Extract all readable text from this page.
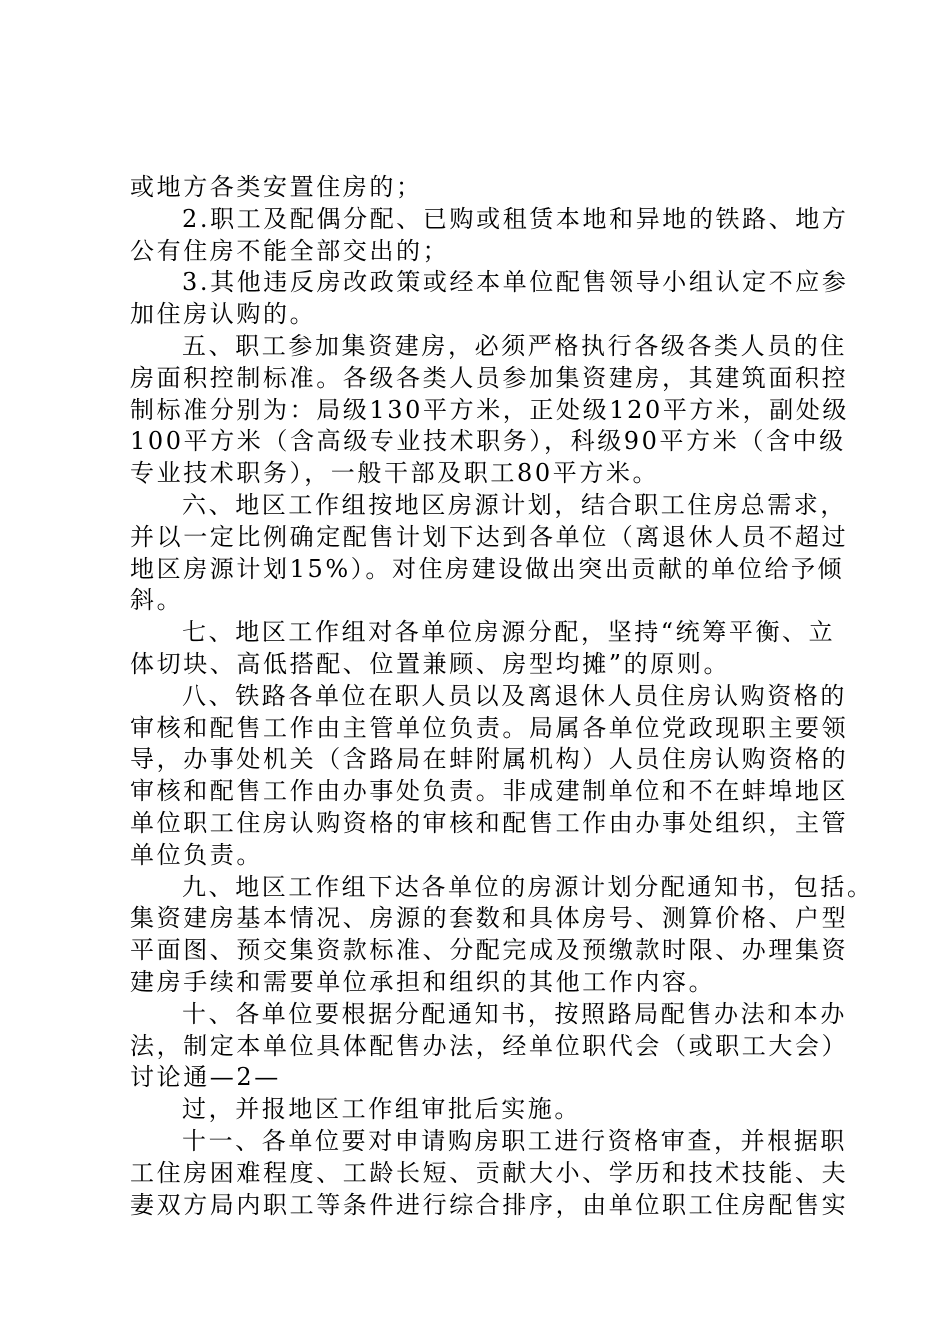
或地方各类安置住房的；
2.职工及配偶分配、已购或租赁本地和异地的铁路、地方
公有住房不能全部交出的；
3.其他违反房改政策或经本单位配售领导小组认定不应参
加住房认购的。
五、职工参加集资建房，必须严格执行各级各类人员的住
房面积控制标准。各级各类人员参加集资建房，其建筑面积控
制标准分别为：局级130平方米，正处级120平方米，副处级
100平方米（含高级专业技术职务），科级90平方米（含中级
专业技术职务），一般干部及职工80平方米。
六、地区工作组按地区房源计划，结合职工住房总需求，
并以一定比例确定配售计划下达到各单位（离退休人员不超过
地区房源计划15%）。对住房建设做出突出贡献的单位给予倾
斜。
七、地区工作组对各单位房源分配，坚持“统筹平衡、立
体切块、高低搭配、位置兼顾、房型均摊”的原则。
八、铁路各单位在职人员以及离退休人员住房认购资格的
审核和配售工作由主管单位负责。局属各单位党政现职主要领
导，办事处机关（含路局在蚌附属机构）人员住房认购资格的
审核和配售工作由办事处负责。非成建制单位和不在蚌埠地区
单位职工住房认购资格的审核和配售工作由办事处组织，主管
单位负责。
九、地区工作组下达各单位的房源计划分配通知书，包括。
集资建房基本情况、房源的套数和具体房号、测算价格、户型
平面图、预交集资款标准、分配完成及预缴款时限、办理集资
建房手续和需要单位承担和组织的其他工作内容。
十、各单位要根据分配通知书，按照路局配售办法和本办
法，制定本单位具体配售办法，经单位职代会（或职工大会）
讨论通—2—
过，并报地区工作组审批后实施。
十一、各单位要对申请购房职工进行资格审查，并根据职
工住房困难程度、工龄长短、贡献大小、学历和技术技能、夫
妻双方局内职工等条件进行综合排序，由单位职工住房配售实
